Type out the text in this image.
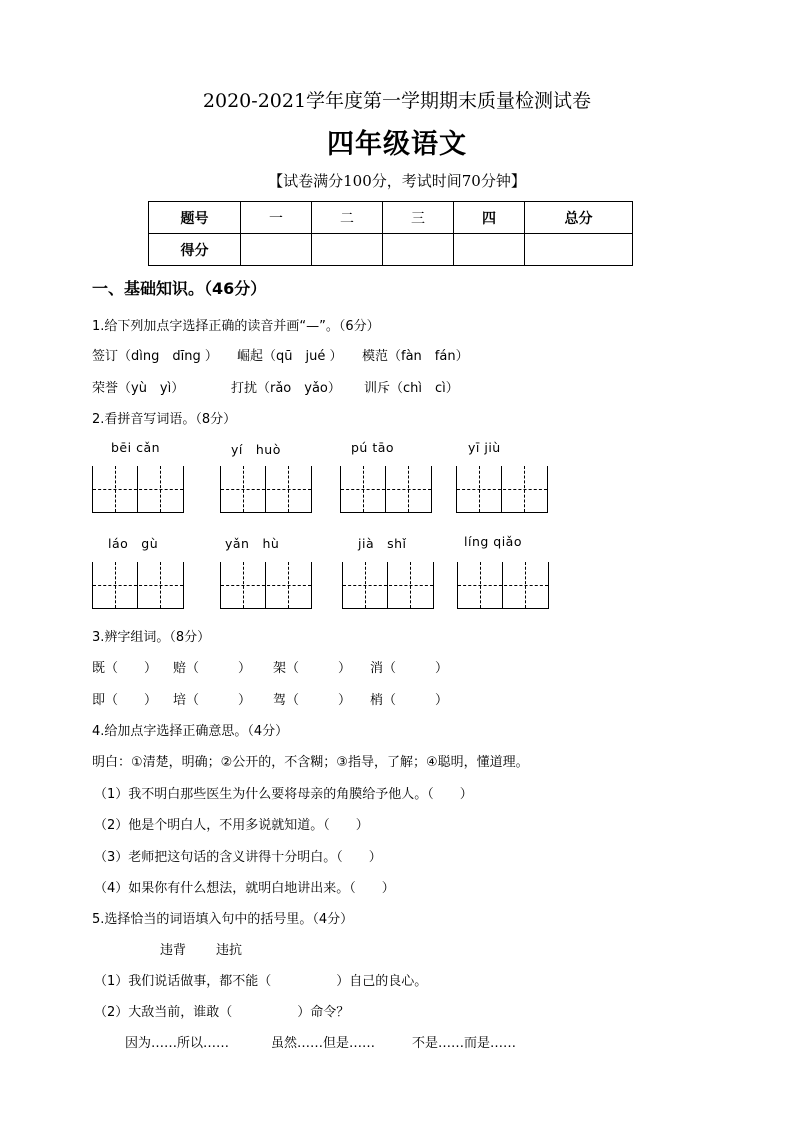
2020-2021学年度第一学期期末质量检测试卷
四年级语文
【试卷满分100分，考试时间70分钟】
题号	一	二	三	四	总分
得分					
一、基础知识。（46分）
1.给下列加点字选择正确的读音并画“—”。（6分）
签订（dìng　dīng ） 崛起（qū　jué ） 模范（fàn　fán）
荣誉（yù　yì）	打扰（rǎo　yǎo） 训斥（chì　cì）
2.看拼音写词语。（8分）
bēi cǎn	yí　huò	pú tāo	yī jiù
láo　gù	yǎn　hù	jià　shǐ	líng qiǎo
3.辨字组词。（8分）
既（　　） 赔（　　　） 架（　　　） 消（　　　）
即（　　） 培（　　　） 驾（　　　） 梢（　　　）
4.给加点字选择正确意思。（4分）
明白：①清楚，明确；②公开的，不含糊；③指导，了解；④聪明，懂道理。
（1）我不明白那些医生为什么要将母亲的角膜给予他人。（　　）
（2）他是个明白人，不用多说就知道。（　　）
（3）老师把这句话的含义讲得十分明白。（　　）
（4）如果你有什么想法，就明白地讲出来。（　　）
5.选择恰当的词语填入句中的括号里。（4分）
违背 违抗
（1）我们说话做事，都不能（　　　　　）自己的良心。
（2）大敌当前，谁敢（　　　　　）命令？
因为……所以……	虽然……但是……	不是……而是……
